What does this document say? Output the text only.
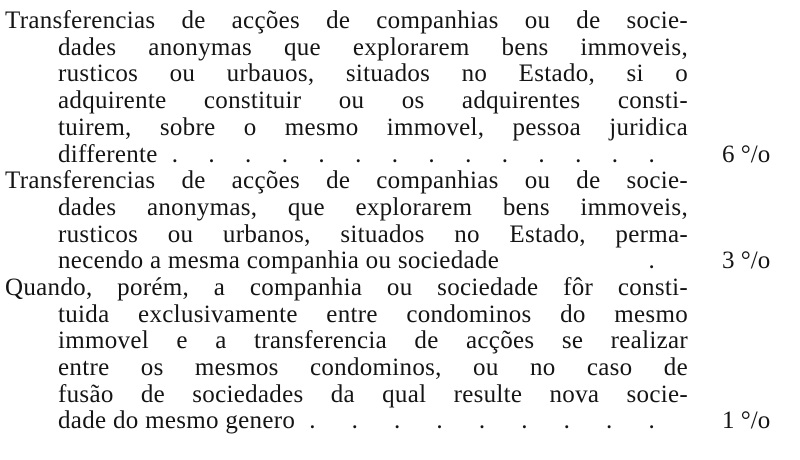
Transferencias de acções de companhias ou de socie-
dades anonymas que explorarem bens immoveis,
rusticos ou urbauos, situados no Estado, si o
adquirente constituir ou os adquirentes consti-
tuirem, sobre o mesmo immovel, pessoa juridica
differente . . . . . . . . . . . . . .	6 °/o
Transferencias de acções de companhias ou de socie-
dades anonymas, que explorarem bens immoveis,
rusticos ou urbanos, situados no Estado, perma-
necendo a mesma companhia ou sociedade	.	3 °/o
Quando, porém, a companhia ou sociedade fôr consti-
tuida exclusivamente entre condominos do mesmo
immovel e a transferencia de acções se realizar
entre os mesmos condominos, ou no caso de
fusão de sociedades da qual resulte nova socie-
dade do mesmo genero . . . . . . . . .	1 °/o
